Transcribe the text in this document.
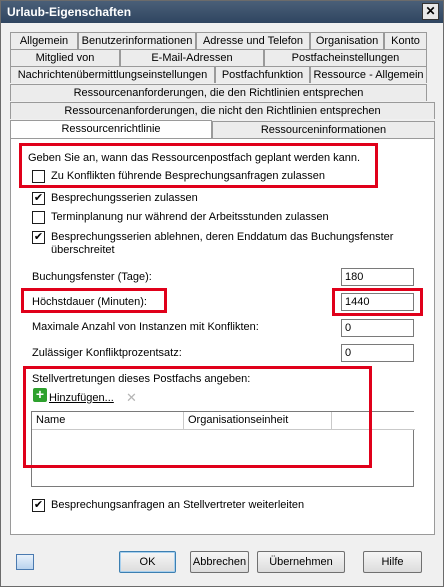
Urlaub-Eigenschaften	✕
Allgemein	Benutzerinformationen Adresse und Telefon	Organisation	Konto
Mitglied von	E-Mail-Adressen	Postfacheinstellungen
Nachrichtenübermittlungseinstellungen	Postfachfunktion Ressource - Allgemein
Ressourcenanforderungen, die den Richtlinien entsprechen
Ressourcenanforderungen, die nicht den Richtlinien entsprechen
Ressourcenrichtlinie	Ressourceninformationen
Geben Sie an, wann das Ressourcenpostfach geplant werden kann.
Zu Konflikten führende Besprechungsanfragen zulassen
✔ Besprechungsserien zulassen
Terminplanung nur während der Arbeitsstunden zulassen
✔ Besprechungsserien ablehnen, deren Enddatum das Buchungsfenster
überschreitet
Buchungsfenster (Tage):	180
Höchstdauer (Minuten):	1440
Maximale Anzahl von Instanzen mit Konflikten:	0
Zulässiger Konfliktprozentsatz:	0
Stellvertretungen dieses Postfachs angeben:
+ Hinzufügen... ✕
Name	Organisationseinheit
✔ Besprechungsanfragen an Stellvertreter weiterleiten
OK	Abbrechen	Übernehmen	Hilfe
